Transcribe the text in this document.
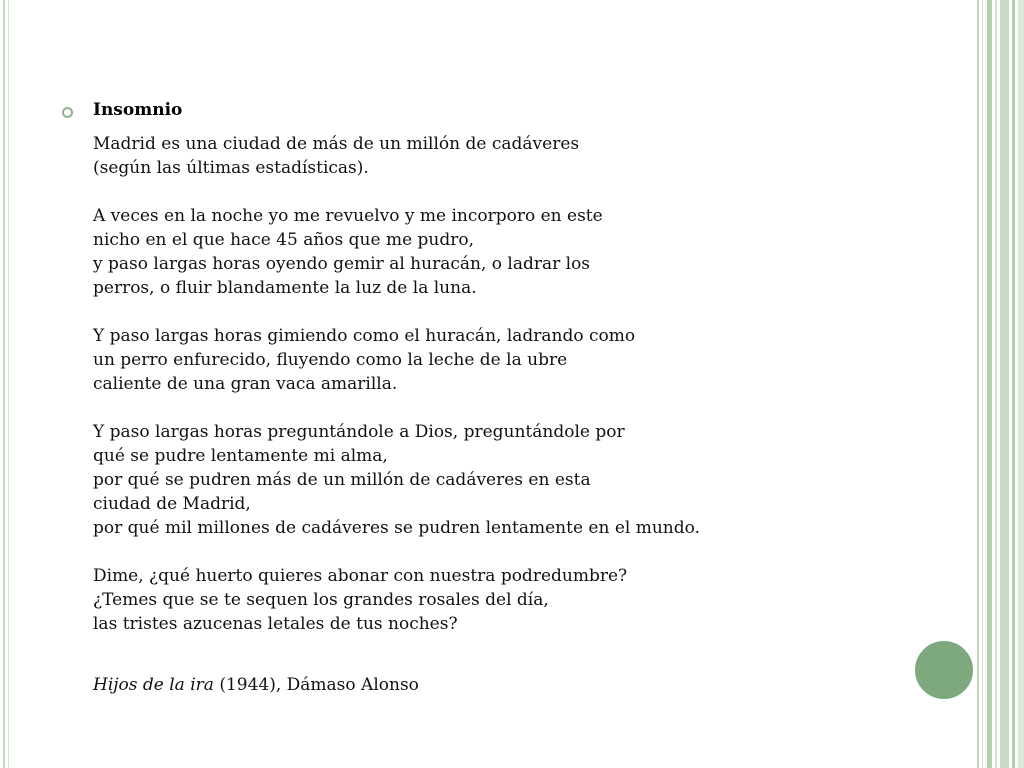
Insomnio
Madrid es una ciudad de más de un millón de cadáveres
(según las últimas estadísticas).
A veces en la noche yo me revuelvo y me incorporo en este
nicho en el que hace 45 años que me pudro,
y paso largas horas oyendo gemir al huracán, o ladrar los
perros, o fluir blandamente la luz de la luna.
Y paso largas horas gimiendo como el huracán, ladrando como
un perro enfurecido, fluyendo como la leche de la ubre
caliente de una gran vaca amarilla.
Y paso largas horas preguntándole a Dios, preguntándole por
qué se pudre lentamente mi alma,
por qué se pudren más de un millón de cadáveres en esta
ciudad de Madrid,
por qué mil millones de cadáveres se pudren lentamente en el mundo.
Dime, ¿qué huerto quieres abonar con nuestra podredumbre?
¿Temes que se te sequen los grandes rosales del día,
las tristes azucenas letales de tus noches?
Hijos de la ira (1944), Dámaso Alonso
